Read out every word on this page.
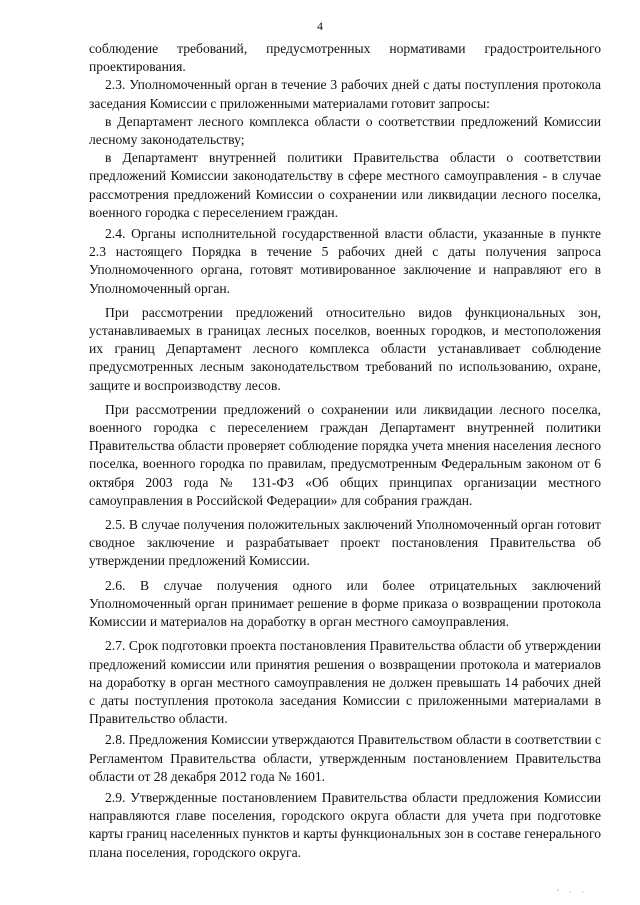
4

соблюдение требований, предусмотренных нормативами градостроительного проектирования.

2.3. Уполномоченный орган в течение 3 рабочих дней с даты поступления протокола заседания Комиссии с приложенными материалами готовит запросы:

в Департамент лесного комплекса области о соответствии предложений Комиссии лесному законодательству;

в Департамент внутренней политики Правительства области о соответствии предложений Комиссии законодательству в сфере местного самоуправления - в случае рассмотрения предложений Комиссии о сохранении или ликвидации лесного поселка, военного городка с переселением граждан.

2.4. Органы исполнительной государственной власти области, указанные в пункте 2.3 настоящего Порядка в течение 5 рабочих дней с даты получения запроса Уполномоченного органа, готовят мотивированное заключение и направляют его в Уполномоченный орган.

При рассмотрении предложений относительно видов функциональных зон, устанавливаемых в границах лесных поселков, военных городков, и местоположения их границ Департамент лесного комплекса области устанавливает соблюдение предусмотренных лесным законодательством требований по использованию, охране, защите и воспроизводству лесов.

При рассмотрении предложений о сохранении или ликвидации лесного поселка, военного городка с переселением граждан Департамент внутренней политики Правительства области проверяет соблюдение порядка учета мнения населения лесного поселка, военного городка по правилам, предусмотренным Федеральным законом от 6 октября 2003 года № 131-ФЗ «Об общих принципах организации местного самоуправления в Российской Федерации» для собрания граждан.

2.5. В случае получения положительных заключений Уполномоченный орган готовит сводное заключение и разрабатывает проект постановления Правительства об утверждении предложений Комиссии.

2.6. В случае получения одного или более отрицательных заключений Уполномоченный орган принимает решение в форме приказа о возвращении протокола Комиссии и материалов на доработку в орган местного самоуправления.

2.7. Срок подготовки проекта постановления Правительства области об утверждении предложений комиссии или принятия решения о возвращении протокола и материалов на доработку в орган местного самоуправления не должен превышать 14 рабочих дней с даты поступления протокола заседания Комиссии с приложенными материалами в Правительство области.

2.8. Предложения Комиссии утверждаются Правительством области в соответствии с Регламентом Правительства области, утвержденным постановлением Правительства области от 28 декабря 2012 года № 1601.

2.9. Утвержденные постановлением Правительства области предложения Комиссии направляются главе поселения, городского округа области для учета при подготовке карты границ населенных пунктов и карты функциональных зон в составе генерального плана поселения, городского округа.

' · ·
